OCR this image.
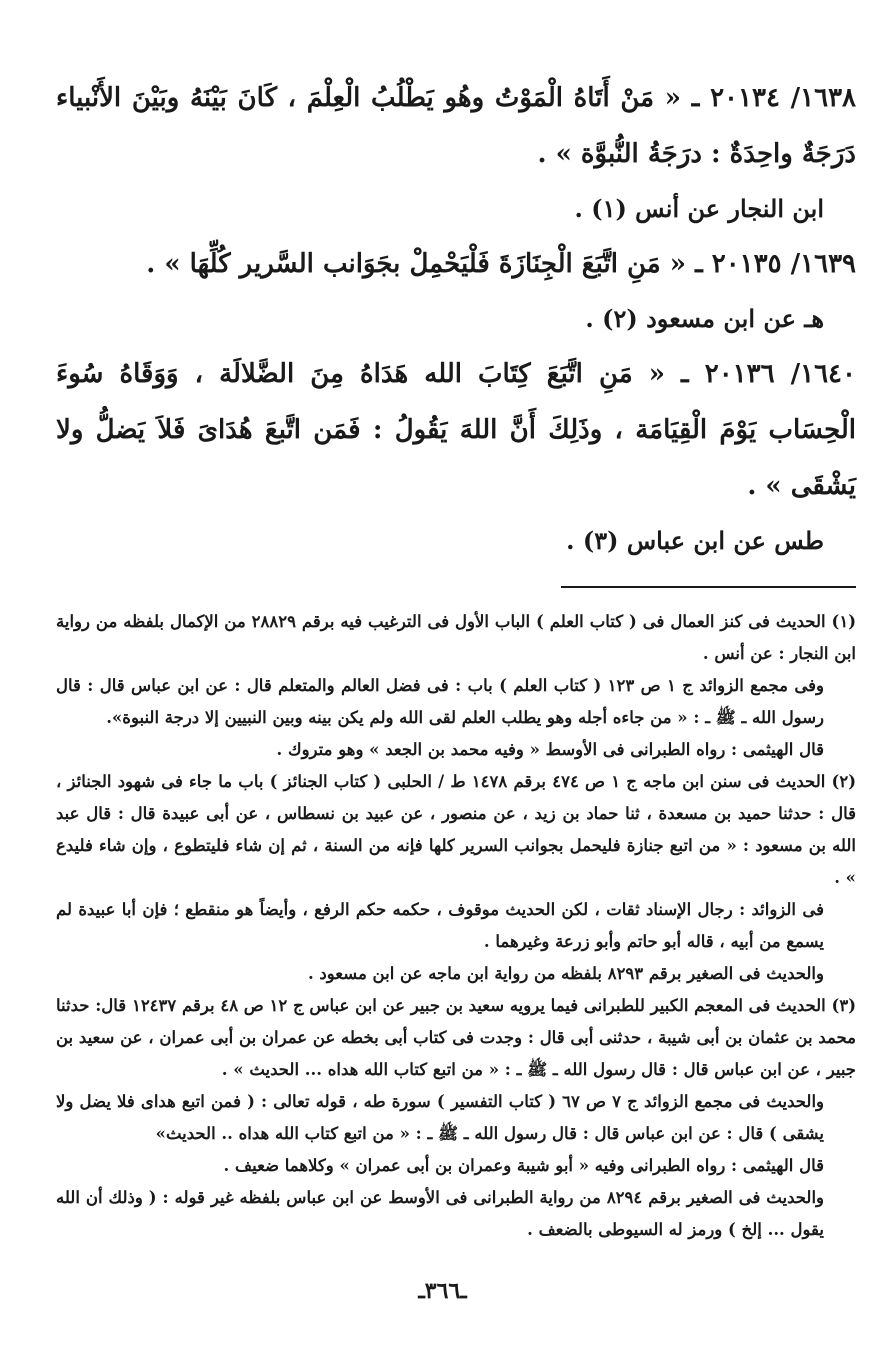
١٦٣٨/ ٢٠١٣٤ ـ « مَنْ أَتَاهُ الْمَوْتُ وهُو يَطْلُبُ الْعِلْمَ ، كَانَ بَيْنَهُ وبَيْنَ الأَنْبياء دَرَجَةٌ واحِدَةٌ : درَجَةُ النُّبوَّة » .

ابن النجار عن أنس (١) .

١٦٣٩/ ٢٠١٣٥ ـ « مَنِ اتَّبَعَ الْجِنَازَةَ فَلْيَحْمِلْ بجَوَانب السَّرير كُلِّهَا » .

هـ عن ابن مسعود (٢) .

١٦٤٠/ ٢٠١٣٦ ـ « مَنِ اتَّبَعَ كِتَابَ الله هَدَاهُ مِنَ الضَّلالَة ، وَوَقَاهُ سُوءَ الْحِسَاب يَوْمَ الْقِيَامَة ، وذَلِكَ أَنَّ اللهَ يَقُولُ : فَمَن اتَّبعَ هُدَاىَ فَلاَ يَضلُّ ولا يَشْقَى » .

طس عن ابن عباس (٣) .

(١) الحديث فى كنز العمال فى ( كتاب العلم ) الباب الأول فى الترغيب فيه برقم ٢٨٨٢٩ من الإكمال بلفظه من رواية ابن النجار : عن أنس .

وفى مجمع الزوائد ج ١ ص ١٢٣ ( كتاب العلم ) باب : فى فضل العالم والمتعلم قال : عن ابن عباس قال : قال رسول الله ـ ﷺ ـ : « من جاءه أجله وهو يطلب العلم لقى الله ولم يكن بينه وبين النبيين إلا درجة النبوة».

قال الهيثمى : رواه الطبرانى فى الأوسط « وفيه محمد بن الجعد » وهو متروك .

(٢) الحديث فى سنن ابن ماجه ج ١ ص ٤٧٤ برقم ١٤٧٨ ط / الحلبى ( كتاب الجنائز ) باب ما جاء فى شهود الجنائز ، قال : حدثنا حميد بن مسعدة ، ثنا حماد بن زيد ، عن منصور ، عن عبيد بن نسطاس ، عن أبى عبيدة قال : قال عبد الله بن مسعود : « من اتبع جنازة فليحمل بجوانب السرير كلها فإنه من السنة ، ثم إن شاء فليتطوع ، وإن شاء فليدع » .

فى الزوائد : رجال الإسناد ثقات ، لكن الحديث موقوف ، حكمه حكم الرفع ، وأيضاً هو منقطع ؛ فإن أبا عبيدة لم يسمع من أبيه ، قاله أبو حاتم وأبو زرعة وغيرهما .

والحديث فى الصغير برقم ٨٢٩٣ بلفظه من رواية ابن ماجه عن ابن مسعود .

(٣) الحديث فى المعجم الكبير للطبرانى فيما يرويه سعيد بن جبير عن ابن عباس ج ١٢ ص ٤٨ برقم ١٢٤٣٧ قال: حدثنا محمد بن عثمان بن أبى شيبة ، حدثنى أبى قال : وجدت فى كتاب أبى بخطه عن عمران بن أبى عمران ، عن سعيد بن جبير ، عن ابن عباس قال : قال رسول الله ـ ﷺ ـ : « من اتبع كتاب الله هداه ... الحديث » .

والحديث فى مجمع الزوائد ج ٧ ص ٦٧ ( كتاب التفسير ) سورة طه ، قوله تعالى : ( فمن اتبع هداى فلا يضل ولا يشقى ) قال : عن ابن عباس قال : قال رسول الله ـ ﷺ ـ : « من اتبع كتاب الله هداه .. الحديث»

قال الهيثمى : رواه الطبرانى وفيه « أبو شيبة وعمران بن أبى عمران » وكلاهما ضعيف .

والحديث فى الصغير برقم ٨٢٩٤ من رواية الطبرانى فى الأوسط عن ابن عباس بلفظه غير قوله : ( وذلك أن الله يقول ... إلخ ) ورمز له السيوطى بالضعف .

ـ٣٦٦ـ
